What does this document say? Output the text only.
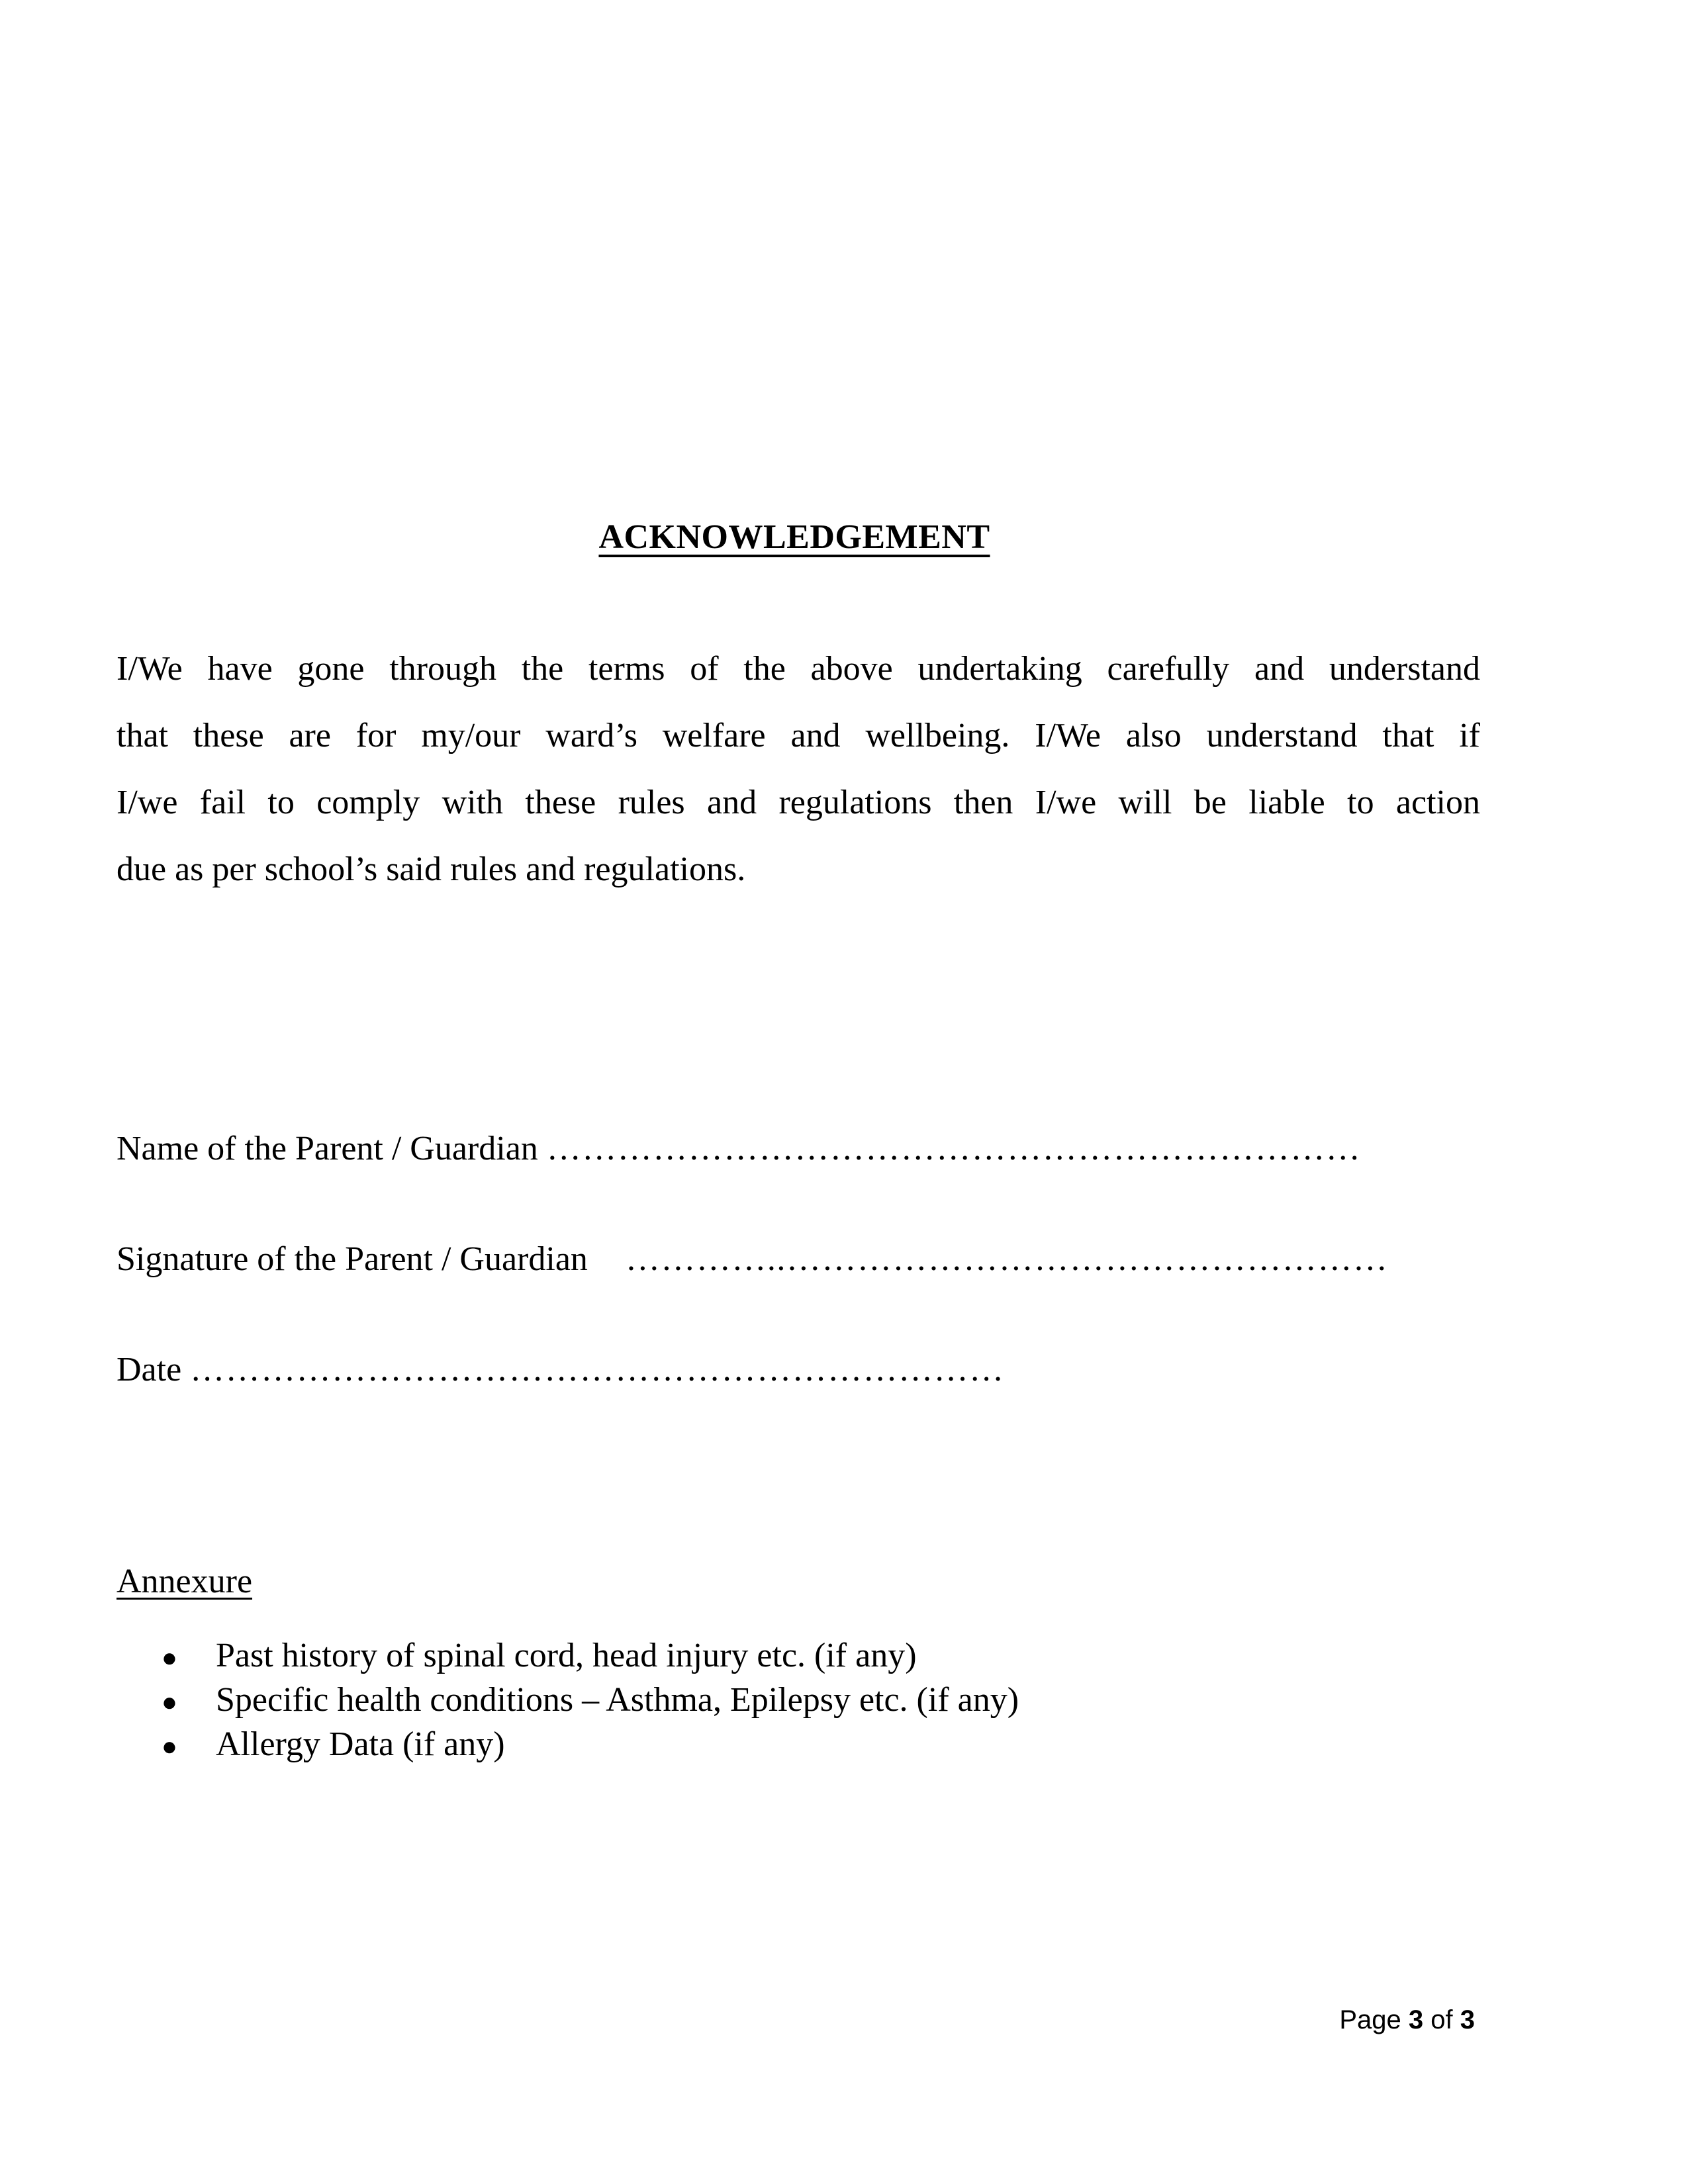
ACKNOWLEDGEMENT
I/We have gone through the terms of the above undertaking carefully and understand
that these are for my/our ward’s welfare and wellbeing. I/We also understand that if
I/we fail to comply with these rules and regulations then I/we will be liable to action
due as per school’s said rules and regulations.
Name of the Parent / Guardian ……………………………………………………………
Signature of the Parent / Guardian …………..……………………………………………
Date ……………………………………………………………
Annexure
●	Past history of spinal cord, head injury etc. (if any)
●	Specific health conditions – Asthma, Epilepsy etc. (if any)
●	Allergy Data (if any)
Page 3 of 3
